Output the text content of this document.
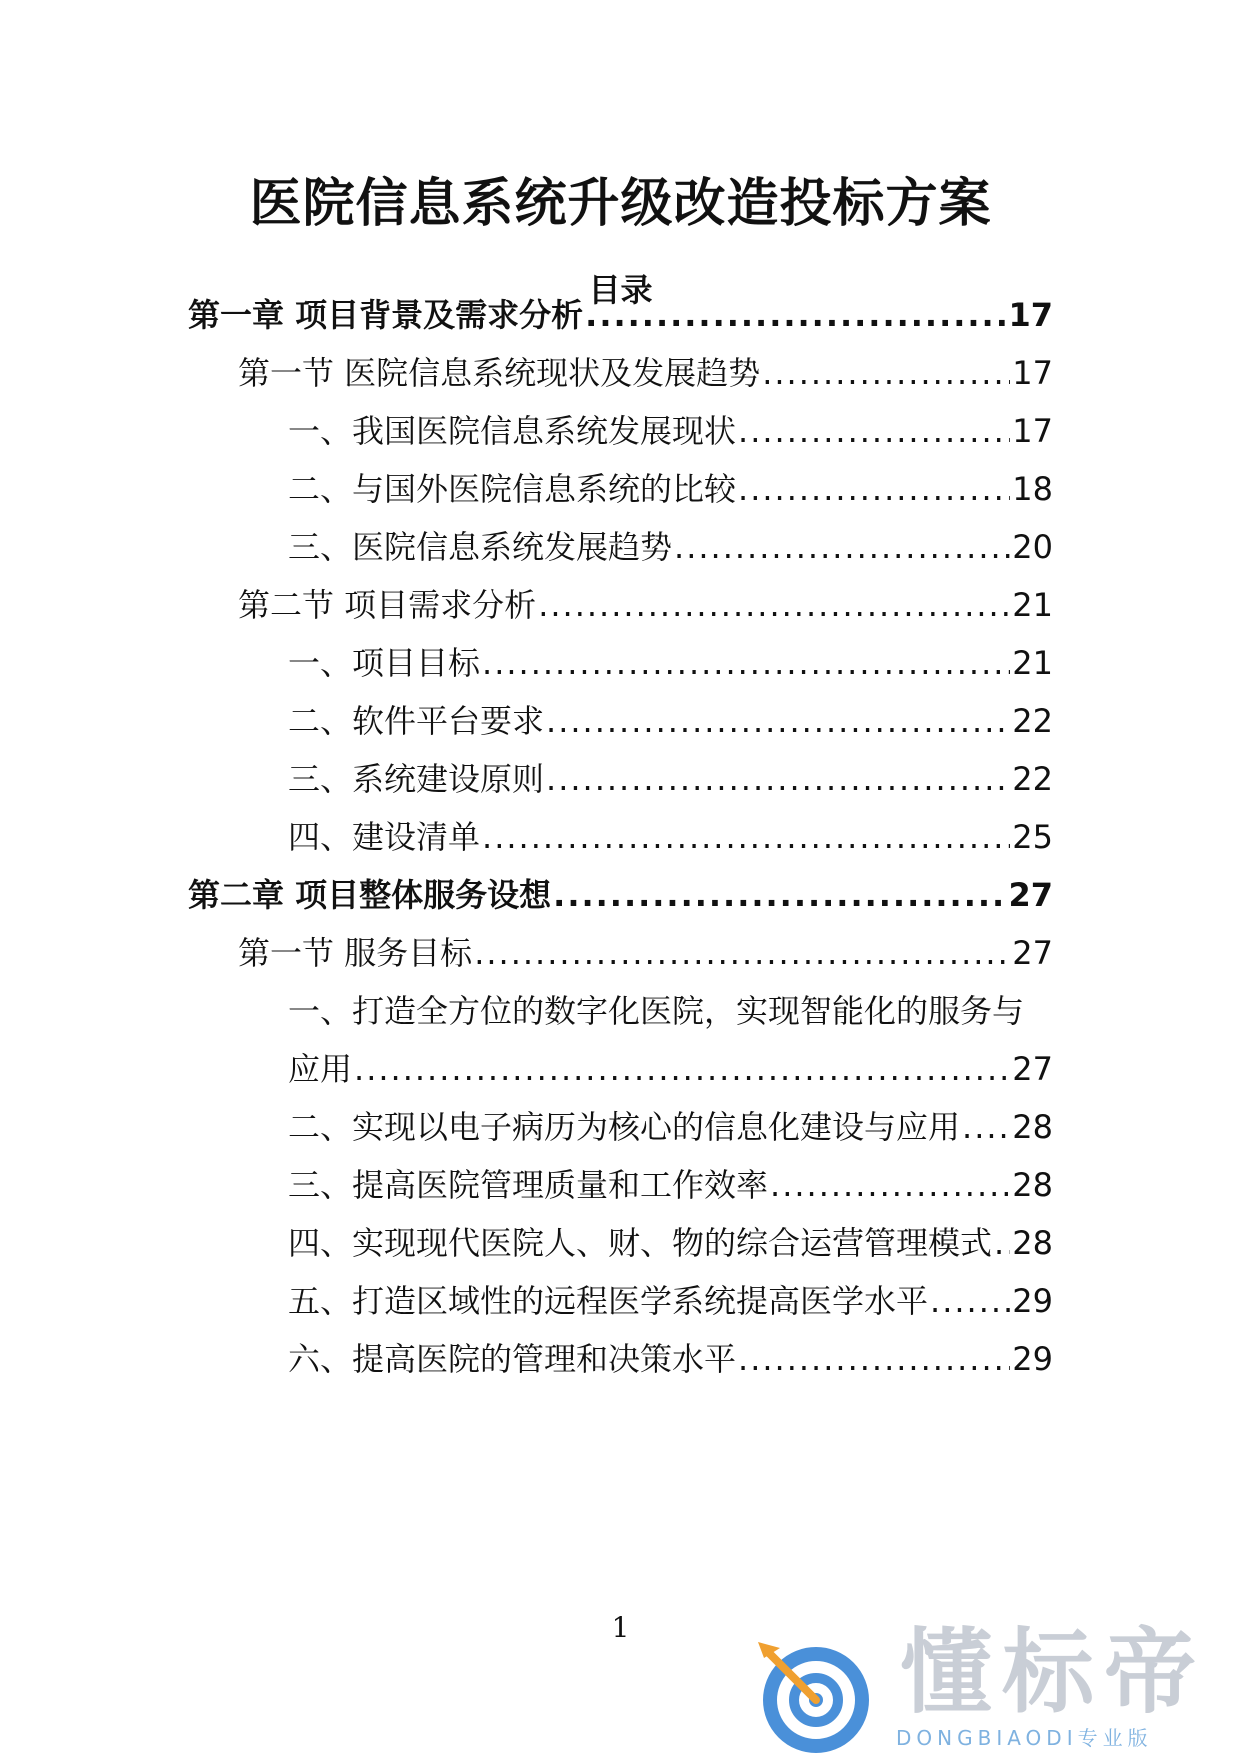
医院信息系统升级改造投标方案
目录
第一章 项目背景及需求分析 .....	17
第一节 医院信息系统现状及发展趋势 .....	17
一、我国医院信息系统发展现状 .....	17
二、与国外医院信息系统的比较 .....	18
三、医院信息系统发展趋势 .....	20
第二节 项目需求分析 .....	21
一、项目目标 .....	21
二、软件平台要求 .....	22
三、系统建设原则 .....	22
四、建设清单 .....	25
第二章 项目整体服务设想 .....	27
第一节 服务目标 .....	27
一、打造全方位的数字化医院，实现智能化的服务与
应用 .....	27
二、实现以电子病历为核心的信息化建设与应用 ..... 28
三、提高医院管理质量和工作效率 .....	28
四、实现现代医院人、财、物的综合运营管理模式 ..... 28
五、打造区域性的远程医学系统提高医学水平 .....	29
六、提高医院的管理和决策水平 .....	29
1	懂标帝
DONGBIAODI专业版
